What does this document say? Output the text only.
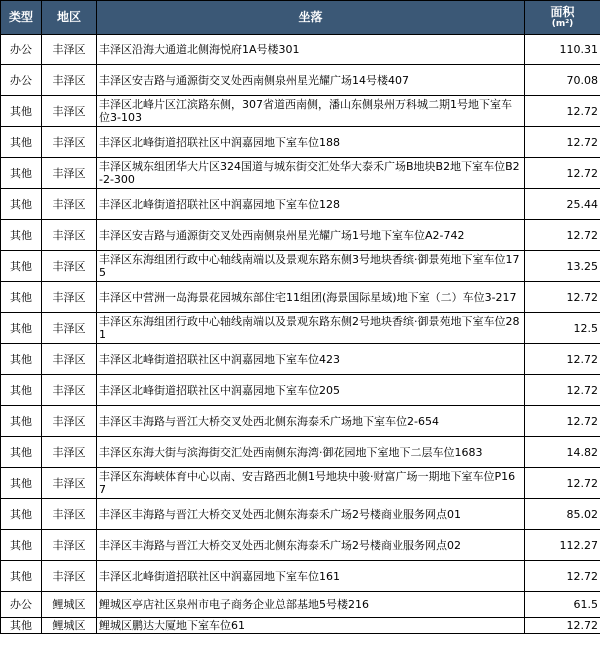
类型	地区	坐落	面积
(m²)

办公	丰泽区	丰泽区沿海大通道北侧海悦府1A号楼301	110.31
办公	丰泽区	丰泽区安吉路与通源街交叉处西南侧泉州星光耀广场14号楼407	70.08
其他	丰泽区	丰泽区北峰片区江滨路东侧，307省道西南侧，潘山东侧泉州万科城二期1号地下室车位3-103	12.72
其他	丰泽区	丰泽区北峰街道招联社区中润嘉园地下室车位188	12.72
其他	丰泽区	丰泽区城东组团华大片区324国道与城东街交汇处华大泰禾广场B地块B2地下室车位B2-2-300	12.72
其他	丰泽区	丰泽区北峰街道招联社区中润嘉园地下室车位128	25.44
其他	丰泽区	丰泽区安吉路与通源街交叉处西南侧泉州星光耀广场1号地下室车位A2-742	12.72
其他	丰泽区	丰泽区东海组团行政中心轴线南端以及景观东路东侧3号地块香缤·御景苑地下室车位175	13.25
其他	丰泽区	丰泽区中营洲一岛海景花园城东部住宅11组团(海景国际星域)地下室（二）车位3-217	12.72
其他	丰泽区	丰泽区东海组团行政中心轴线南端以及景观东路东侧2号地块香缤·御景苑地下室车位281	12.5
其他	丰泽区	丰泽区北峰街道招联社区中润嘉园地下室车位423	12.72
其他	丰泽区	丰泽区北峰街道招联社区中润嘉园地下室车位205	12.72
其他	丰泽区	丰泽区丰海路与晋江大桥交叉处西北侧东海泰禾广场地下室车位2-654	12.72
其他	丰泽区	丰泽区东海大街与滨海街交汇处西南侧东海湾·御花园地下室地下二层车位1683	14.82
其他	丰泽区	丰泽区东海峡体育中心以南、安吉路西北侧1号地块中骏·财富广场一期地下室车位P167	12.72
其他	丰泽区	丰泽区丰海路与晋江大桥交叉处西北侧东海泰禾广场2号楼商业服务网点01	85.02
其他	丰泽区	丰泽区丰海路与晋江大桥交叉处西北侧东海泰禾广场2号楼商业服务网点02	112.27
其他	丰泽区	丰泽区北峰街道招联社区中润嘉园地下室车位161	12.72
办公	鲤城区	鲤城区亭店社区泉州市电子商务企业总部基地5号楼216	61.5
其他	鲤城区	鲤城区鹏达大厦地下室车位61	12.72
